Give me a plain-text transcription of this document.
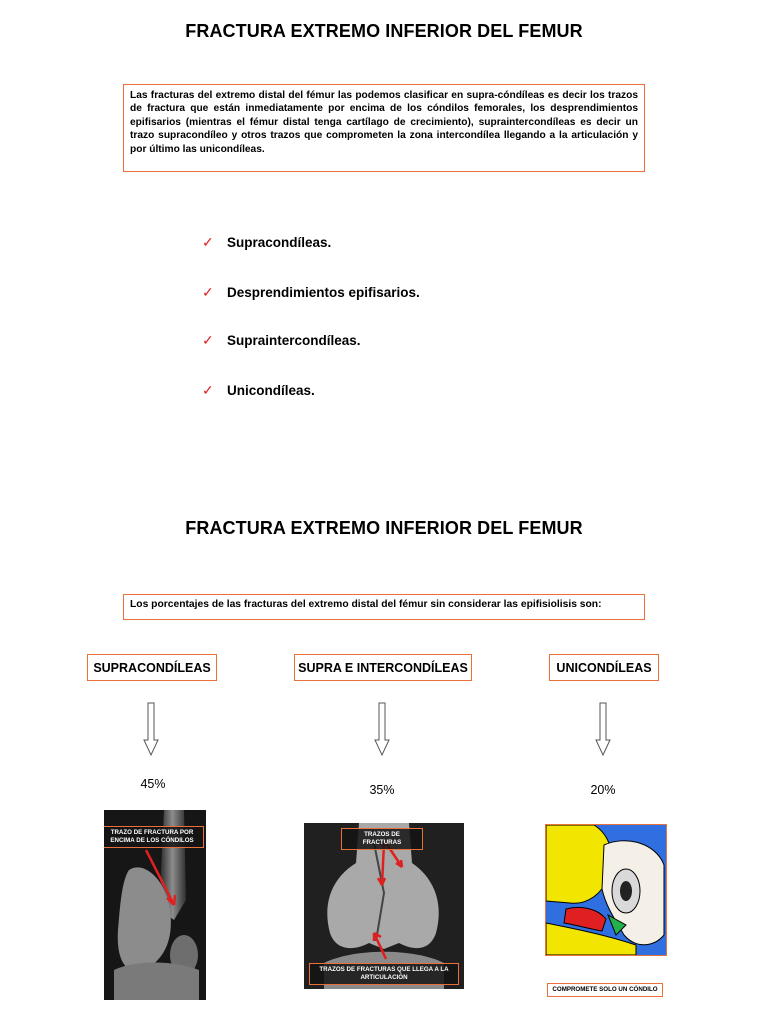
FRACTURA EXTREMO INFERIOR DEL FEMUR
Las fracturas del extremo distal del fémur las podemos clasificar en supra-cóndíleas es decir los trazos de fractura que están inmediatamente por encima de los cóndilos femorales, los desprendimientos epifisarios (mientras el fémur distal tenga cartílago de crecimiento), supraintercondíleas es decir un trazo supracondíleo y otros trazos que comprometen la zona intercondílea llegando a la articulación y por último las unicondíleas.
✓ Supracondíleas.
✓ Desprendimientos epifisarios.
✓ Supraintercondíleas.
✓ Unicondíleas.
FRACTURA EXTREMO INFERIOR DEL FEMUR
Los porcentajes de las fracturas del extremo distal del fémur sin considerar las epifisiolisis son:
SUPRACONDÍLEAS	SUPRA E INTERCONDÍLEAS	UNICONDÍLEAS
45%	35%	20%
TRAZO DE FRACTURA POR ENCIMA DE LOS CÓNDILOS
TRAZOS DE FRACTURAS
TRAZOS DE FRACTURAS QUE LLEGA A LA ARTICULACIÓN
COMPROMETE SOLO UN CÓNDILO
